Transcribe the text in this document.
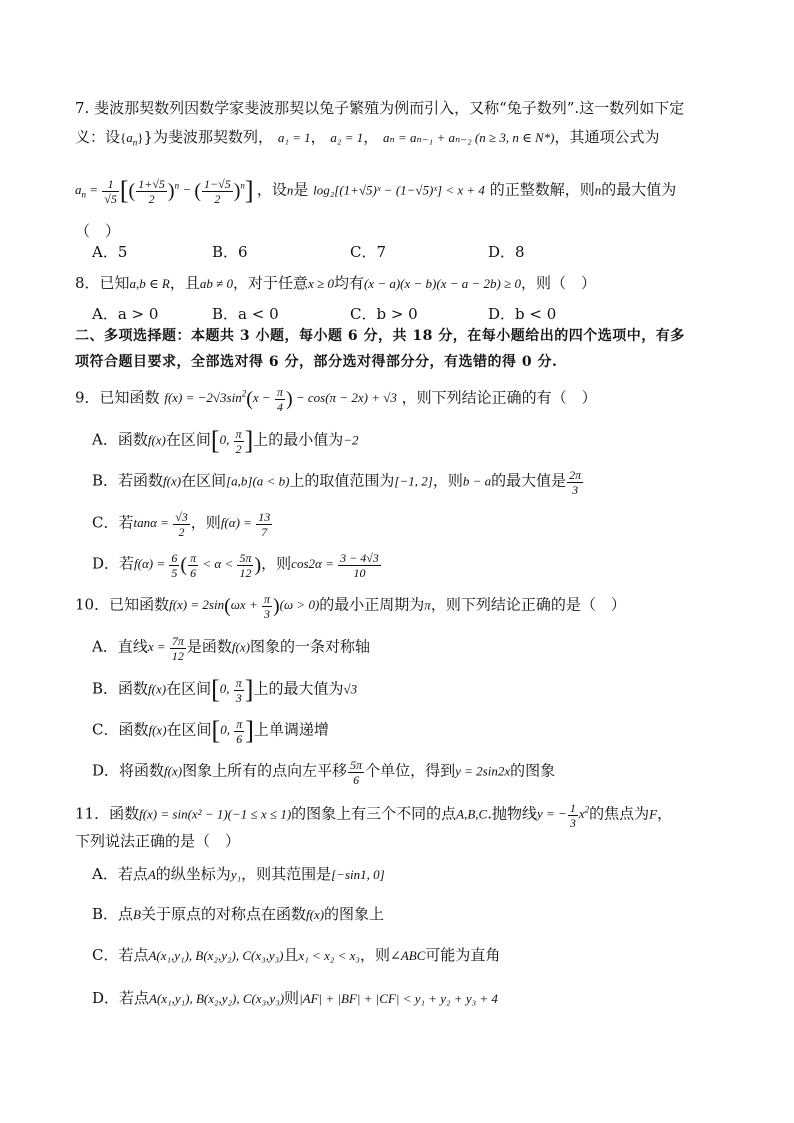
7. 斐波那契数列因数学家斐波那契以兔子繁殖为例而引入，又称“兔子数列”.这一数列如下定
义：设$\{a_n\}$}为斐波那契数列， a₁ = 1， a₂ = 1， aₙ = aₙ₋₁ + aₙ₋₂ (n ≥ 3, n ∈ N*)，其通项公式为
$a_n = \frac{1}{√5}$ [( $\frac{1+√5}{2} )^n$ − ( $\frac{1-√5}{2} )^n$] ，设n是 log₂[(1+√5)ˣ − (1−√5)ˣ] < x + 4 的正整数解，则n的最大值为
（　）
A．5	B．6	C．7	D．8
8．已知a,b ∈ R，且ab ≠ 0，对于任意x ≥ 0均有(x − a)(x − b)(x − a − 2b) ≥ 0，则（　）
A．a > 0	B．a < 0	C．b > 0	D．b < 0
二、多项选择题：本题共 3 小题，每小题 6 分，共 18 分，在每小题给出的四个选项中，有多
项符合题目要求，全部选对得 6 分，部分选对得部分分，有选错的得 0 分.
9．已知函数 $f(x) = -2√3\sin^2(x - \frac{\pi}{4}$ ) − cos(π − 2x) + √3 ，则下列结论正确的有（　）
A．函数f(x)在区间[0, $\frac{\pi}{2}$ ]上的最小值为−2
B．若函数f(x)在区间[a,b](a < b)上的取值范围为[−1, 2]，则b − a的最大值是 $\frac{2\pi}{3}$
C．若$\tan\alpha = \frac{√3}{2}$ ，则$f(\alpha) = \frac{13}{7}$
D．若$f(\alpha) = \frac{6}{5}$ ( $\frac{\pi}{6} < \alpha < \frac{5\pi}{12}$ )，则$\cos 2\alpha = \frac{3 - 4√3}{10}$
10．已知函数$f(x) = 2\sin(\omega x + \frac{\pi}{3} )(\omega > 0)$的最小正周期为π，则下列结论正确的是（　）
A．直线$x = \frac{7\pi}{12}$ 是函数f(x)图象的一条对称轴
B．函数f(x)在区间[0, $\frac{\pi}{3}$ ]上的最大值为√3
C．函数f(x)在区间[0, $\frac{\pi}{6}$ ]上单调递增
D．将函数f(x)图象上所有的点向左平移 $\frac{5\pi}{6}$ 个单位，得到y = 2sin2x的图象
11．函数f(x) = sin(x² − 1)(−1 ≤ x ≤ 1)的图象上有三个不同的点A,B,C.抛物线y = − $\frac{1}{3} x^2$的焦点为F，
下列说法正确的是（　）
A．若点A的纵坐标为y₁，则其范围是[−sin1, 0]
B．点B关于原点的对称点在函数f(x)的图象上
C．若点A(x₁,y₁), B(x₂,y₂), C(x₃,y₃)且x₁ < x₂ < x₃，则∠ABC可能为直角
D．若点A(x₁,y₁), B(x₂,y₂), C(x₃,y₃)则|AF| + |BF| + |CF| < y₁ + y₂ + y₃ + 4
